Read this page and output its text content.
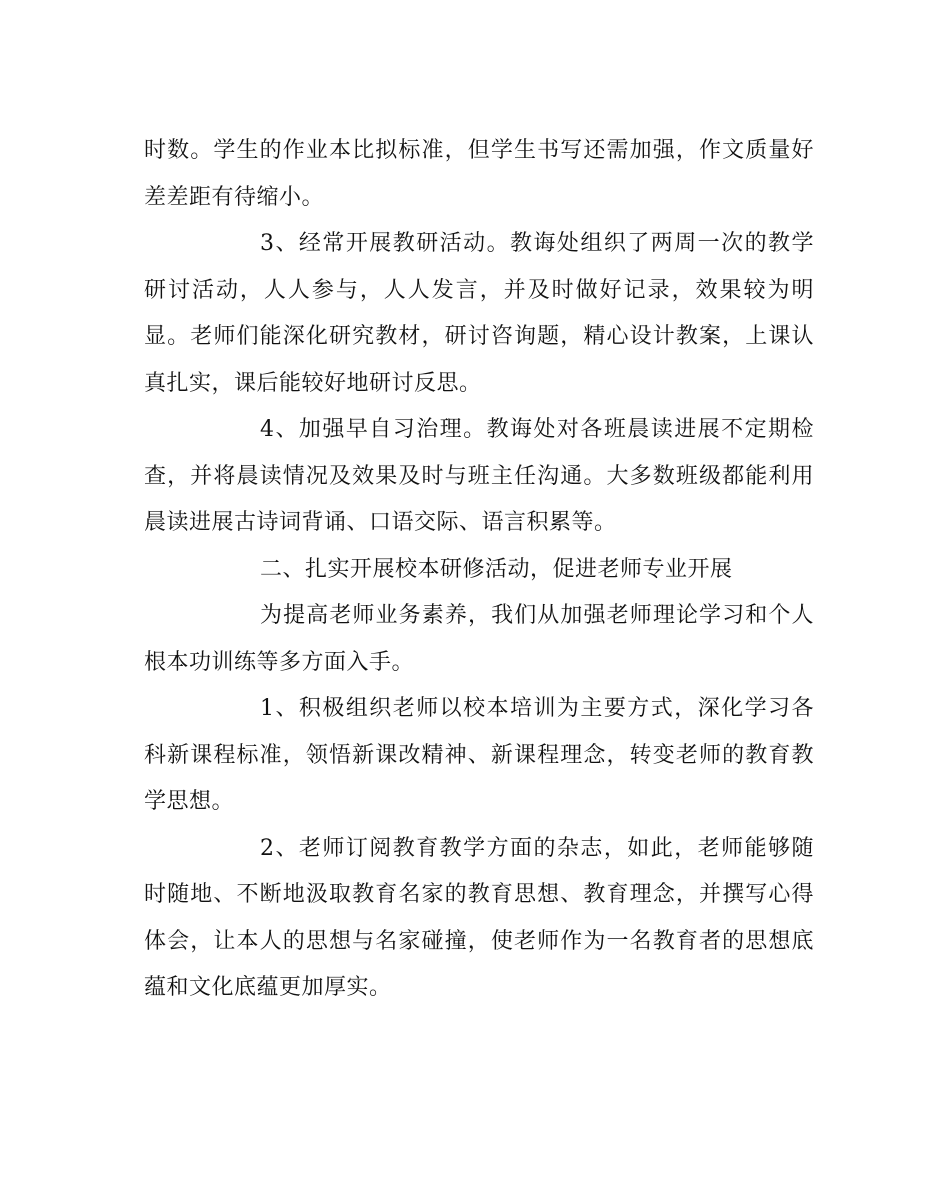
时数。学生的作业本比拟标准，但学生书写还需加强，作文质量好差差距有待缩小。

3、经常开展教研活动。教诲处组织了两周一次的教学研讨活动，人人参与，人人发言，并及时做好记录，效果较为明显。老师们能深化研究教材，研讨咨询题，精心设计教案，上课认真扎实，课后能较好地研讨反思。

4、加强早自习治理。教诲处对各班晨读进展不定期检查，并将晨读情况及效果及时与班主任沟通。大多数班级都能利用晨读进展古诗词背诵、口语交际、语言积累等。

二、扎实开展校本研修活动，促进老师专业开展

为提高老师业务素养，我们从加强老师理论学习和个人根本功训练等多方面入手。

1、积极组织老师以校本培训为主要方式，深化学习各科新课程标准，领悟新课改精神、新课程理念，转变老师的教育教学思想。

2、老师订阅教育教学方面的杂志，如此，老师能够随时随地、不断地汲取教育名家的教育思想、教育理念，并撰写心得体会，让本人的思想与名家碰撞，使老师作为一名教育者的思想底蕴和文化底蕴更加厚实。
